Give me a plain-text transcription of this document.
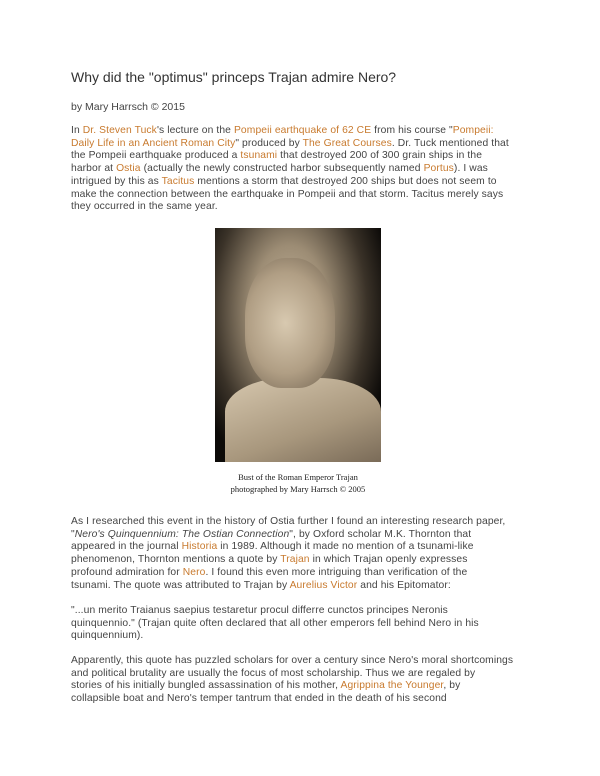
Why did the "optimus" princeps Trajan admire Nero?
by Mary Harrsch © 2015
In Dr. Steven Tuck's lecture on the Pompeii earthquake of 62 CE from his course "Pompeii:
Daily Life in an Ancient Roman City" produced by The Great Courses. Dr. Tuck mentioned that
the Pompeii earthquake produced a tsunami that destroyed 200 of 300 grain ships in the
harbor at Ostia (actually the newly constructed harbor subsequently named Portus). I was
intrigued by this as Tacitus mentions a storm that destroyed 200 ships but does not seem to
make the connection between the earthquake in Pompeii and that storm. Tacitus merely says
they occurred in the same year.
Bust of the Roman Emperor Trajan
photographed by Mary Harrsch © 2005
As I researched this event in the history of Ostia further I found an interesting research paper,
"Nero's Quinquennium: The Ostian Connection", by Oxford scholar M.K. Thornton that
appeared in the journal Historia in 1989. Although it made no mention of a tsunami-like
phenomenon, Thornton mentions a quote by Trajan in which Trajan openly expresses
profound admiration for Nero. I found this even more intriguing than verification of the
tsunami. The quote was attributed to Trajan by Aurelius Victor and his Epitomator:
"...un merito Traianus saepius testaretur procul differre cunctos principes Neronis
quinquennio." (Trajan quite often declared that all other emperors fell behind Nero in his
quinquennium).
Apparently, this quote has puzzled scholars for over a century since Nero's moral shortcomings
and political brutality are usually the focus of most scholarship. Thus we are regaled by
stories of his initially bungled assassination of his mother, Agrippina the Younger, by
collapsible boat and Nero's temper tantrum that ended in the death of his second
